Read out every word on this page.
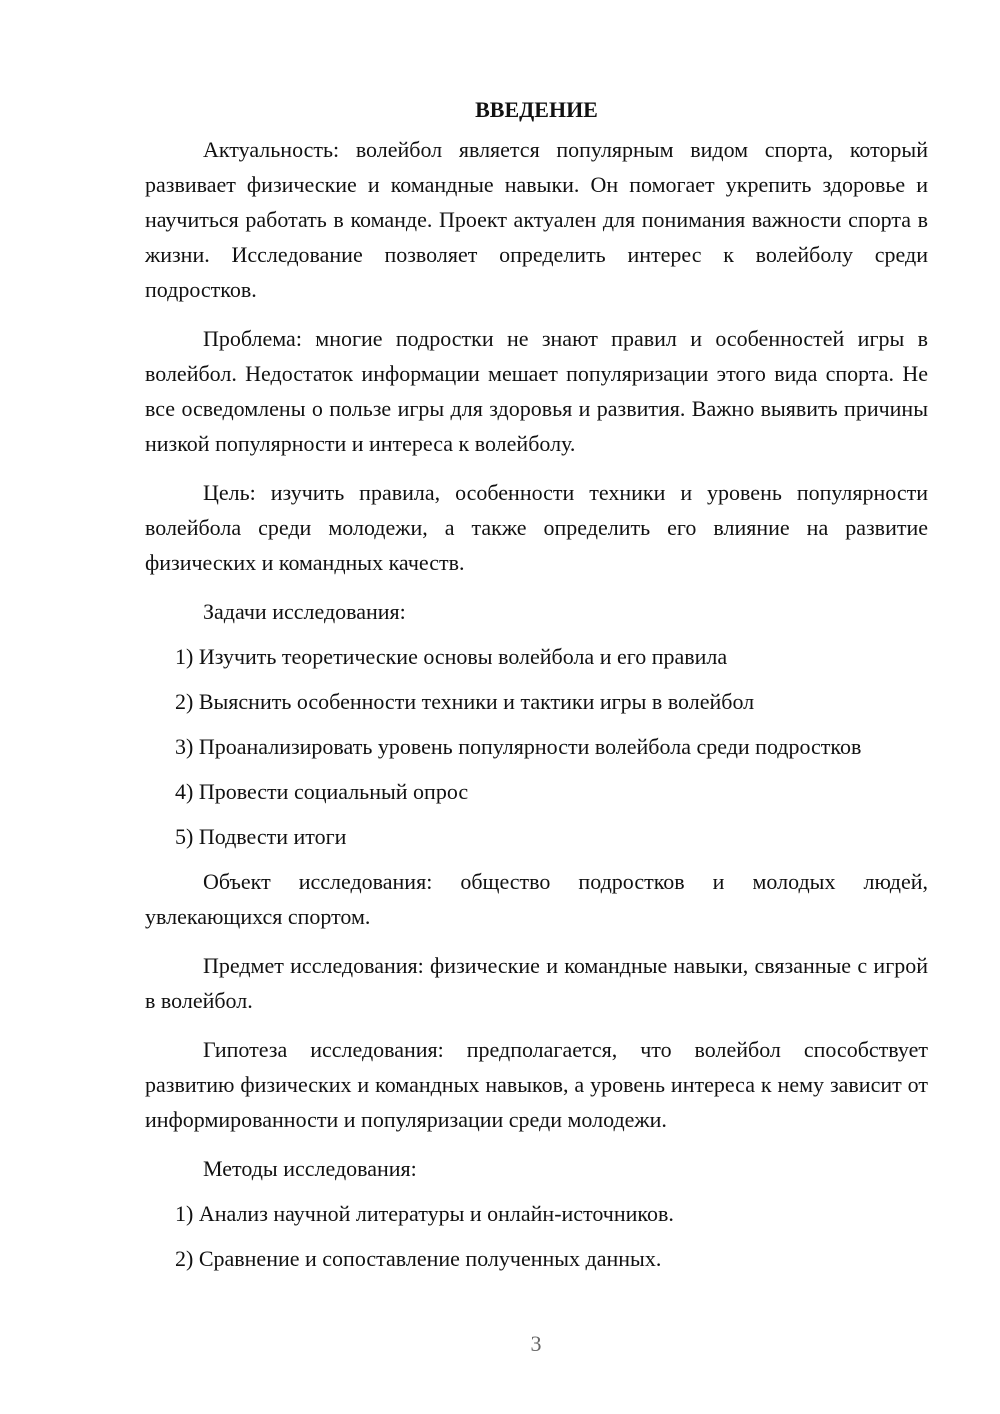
ВВЕДЕНИЕ

Актуальность: волейбол является популярным видом спорта, который развивает физические и командные навыки. Он помогает укрепить здоровье и научиться работать в команде. Проект актуален для понимания важности спорта в жизни. Исследование позволяет определить интерес к волейболу среди подростков.

Проблема: многие подростки не знают правил и особенностей игры в волейбол. Недостаток информации мешает популяризации этого вида спорта. Не все осведомлены о пользе игры для здоровья и развития. Важно выявить причины низкой популярности и интереса к волейболу.

Цель: изучить правила, особенности техники и уровень популярности волейбола среди молодежи, а также определить его влияние на развитие физических и командных качеств.

Задачи исследования:

1) Изучить теоретические основы волейбола и его правила

2) Выяснить особенности техники и тактики игры в волейбол

3) Проанализировать уровень популярности волейбола среди подростков

4) Провести социальный опрос

5) Подвести итоги

Объект исследования: общество подростков и молодых людей, увлекающихся спортом.

Предмет исследования: физические и командные навыки, связанные с игрой в волейбол.

Гипотеза исследования: предполагается, что волейбол способствует развитию физических и командных навыков, а уровень интереса к нему зависит от информированности и популяризации среди молодежи.

Методы исследования:

1) Анализ научной литературы и онлайн-источников.

2) Сравнение и сопоставление полученных данных.

3
